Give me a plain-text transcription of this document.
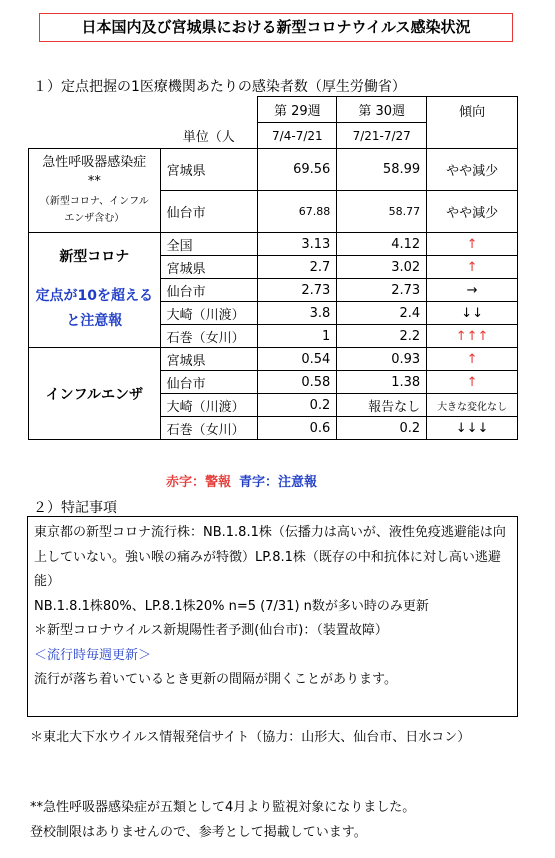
日本国内及び宮城県における新型コロナウイルス感染状況
１）定点把握の1医療機関あたりの感染者数（厚生労働省）
		第 29週	第 30週	傾向
	単位（人	7/4-7/21	7/21-7/27	

急性呼吸器感染症
**
（新型コロナ、インフルエンザ含む）	宮城県	69.56	58.99	やや減少
	仙台市	67.88	58.77	やや減少

新型コロナ
定点が10を超えると注意報	全国	3.13	4.12	↑
	宮城県	2.7	3.02	↑
	仙台市	2.73	2.73	→
	大崎（川渡）	3.8	2.4	↓↓
	石巻（女川）	1	2.2	↑↑↑
インフルエンザ	宮城県	0.54	0.93	↑
	仙台市	0.58	1.38	↑
	大崎（川渡）	0.2	報告なし	大きな変化なし
	石巻（女川）	0.6	0.2	↓↓↓
赤字：警報 青字：注意報
２）特記事項

東京都の新型コロナ流行株：NB.1.8.1株（伝播力は高いが、液性免疫逃避能は向上していない。強い喉の痛みが特徴）LP.8.1株（既存の中和抗体に対し高い逃避能）

NB.1.8.1株80%、LP.8.1株20% n=5 (7/31) n数が多い時のみ更新

＊新型コロナウイルス新規陽性者予測(仙台市)：（装置故障）

＜流行時毎週更新＞

流行が落ち着いているとき更新の間隔が開くことがあります。

＊東北大下水ウイルス情報発信サイト（協力：山形大、仙台市、日水コン）
**急性呼吸器感染症が五類として4月より監視対象になりました。
登校制限はありませんので、参考として掲載しています。
